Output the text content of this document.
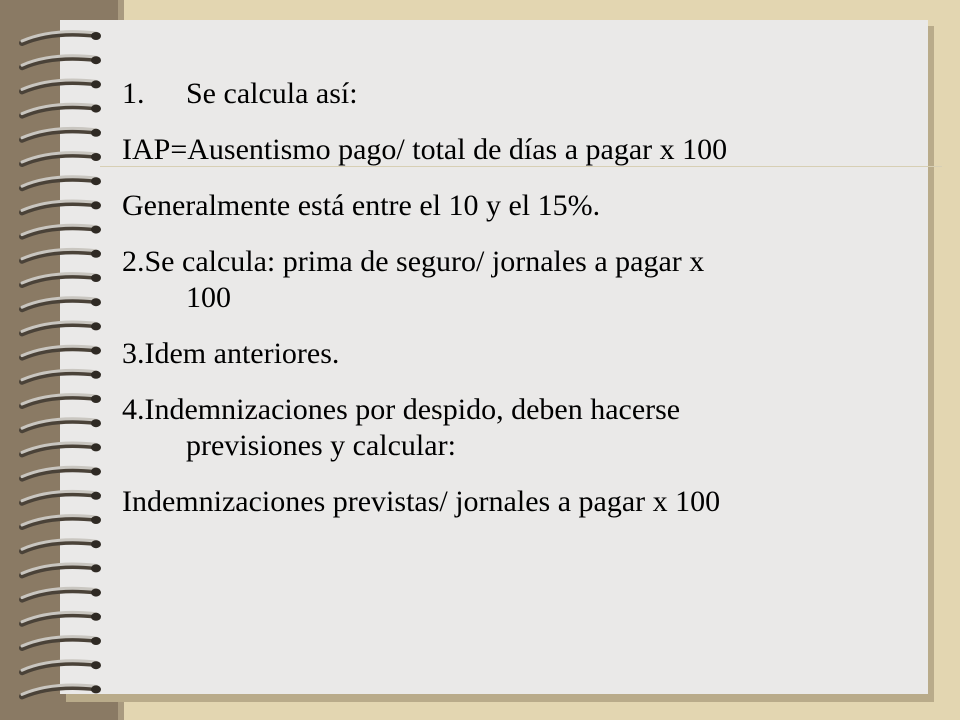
1. Se calcula así:
IAP=Ausentismo pago/ total de días a pagar x 100
Generalmente está entre el 10 y el 15%.
2.Se calcula: prima de seguro/ jornales a pagar x
100
3.Idem anteriores.
4.Indemnizaciones por despido, deben hacerse
previsiones y calcular:
Indemnizaciones previstas/ jornales a pagar x 100
